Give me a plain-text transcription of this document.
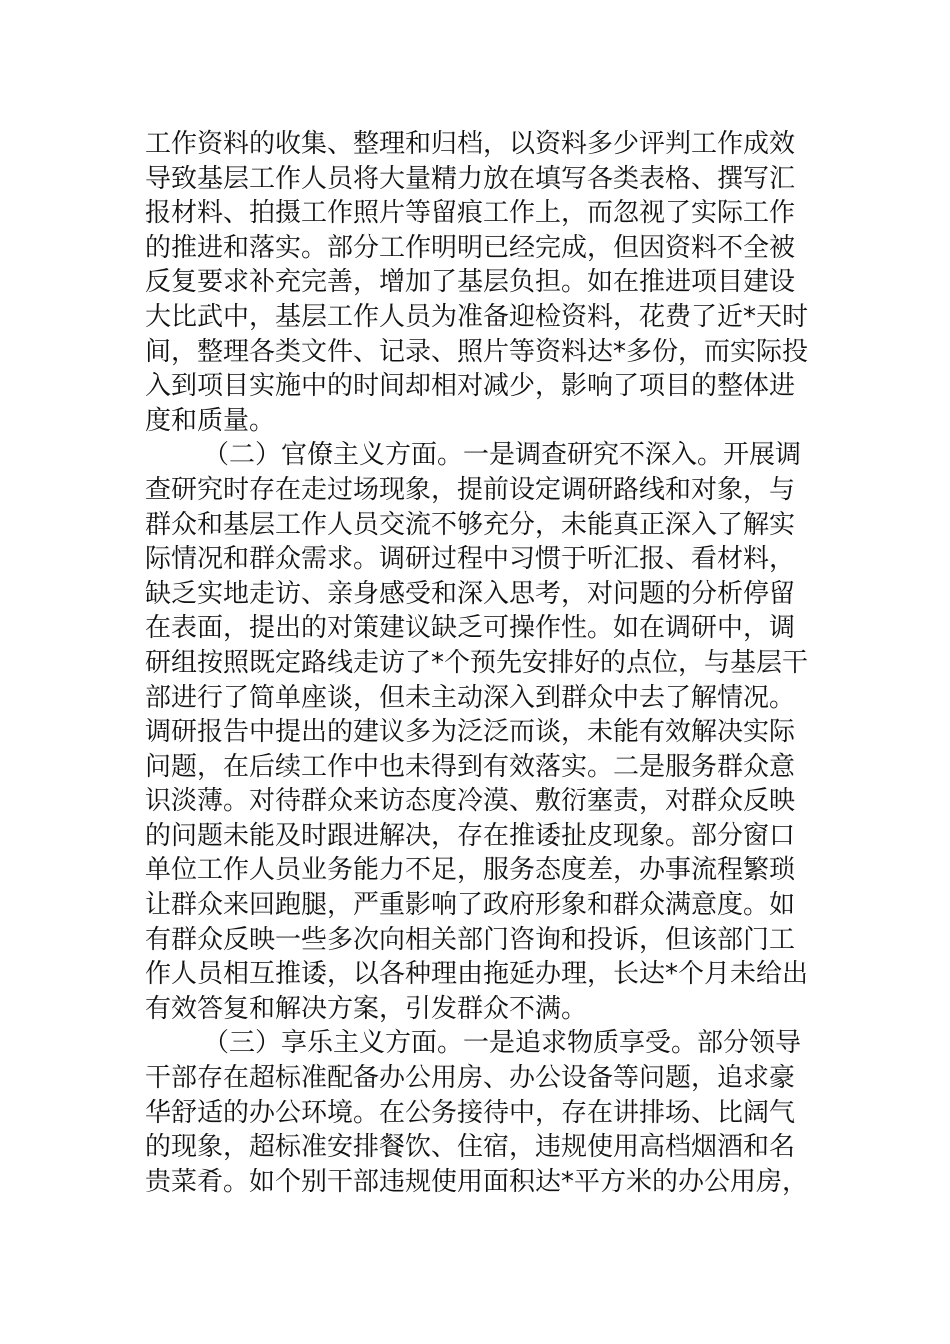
工作资料的收集、整理和归档，以资料多少评判工作成效
导致基层工作人员将大量精力放在填写各类表格、撰写汇
报材料、拍摄工作照片等留痕工作上，而忽视了实际工作
的推进和落实。部分工作明明已经完成，但因资料不全被
反复要求补充完善，增加了基层负担。如在推进项目建设
大比武中，基层工作人员为准备迎检资料，花费了近*天时
间，整理各类文件、记录、照片等资料达*多份，而实际投
入到项目实施中的时间却相对减少，影响了项目的整体进
度和质量。
（二）官僚主义方面。一是调查研究不深入。开展调
查研究时存在走过场现象，提前设定调研路线和对象，与
群众和基层工作人员交流不够充分，未能真正深入了解实
际情况和群众需求。调研过程中习惯于听汇报、看材料，
缺乏实地走访、亲身感受和深入思考，对问题的分析停留
在表面，提出的对策建议缺乏可操作性。如在调研中，调
研组按照既定路线走访了*个预先安排好的点位，与基层干
部进行了简单座谈，但未主动深入到群众中去了解情况。
调研报告中提出的建议多为泛泛而谈，未能有效解决实际
问题，在后续工作中也未得到有效落实。二是服务群众意
识淡薄。对待群众来访态度冷漠、敷衍塞责，对群众反映
的问题未能及时跟进解决，存在推诿扯皮现象。部分窗口
单位工作人员业务能力不足，服务态度差，办事流程繁琐
让群众来回跑腿，严重影响了政府形象和群众满意度。如
有群众反映一些多次向相关部门咨询和投诉，但该部门工
作人员相互推诿，以各种理由拖延办理，长达*个月未给出
有效答复和解决方案，引发群众不满。
（三）享乐主义方面。一是追求物质享受。部分领导
干部存在超标准配备办公用房、办公设备等问题，追求豪
华舒适的办公环境。在公务接待中，存在讲排场、比阔气
的现象，超标准安排餐饮、住宿，违规使用高档烟酒和名
贵菜肴。如个别干部违规使用面积达*平方米的办公用房，
